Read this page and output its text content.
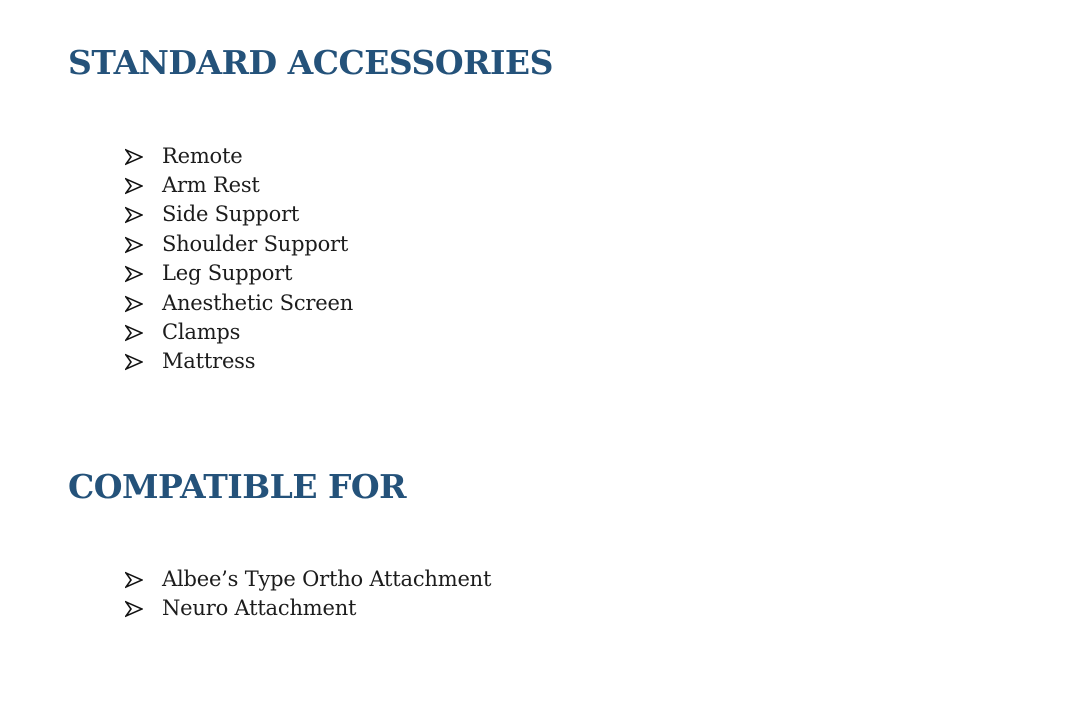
STANDARD ACCESSORIES
Remote
Arm Rest
Side Support
Shoulder Support
Leg Support
Anesthetic Screen
Clamps
Mattress
COMPATIBLE FOR
Albee’s Type Ortho Attachment
Neuro Attachment
